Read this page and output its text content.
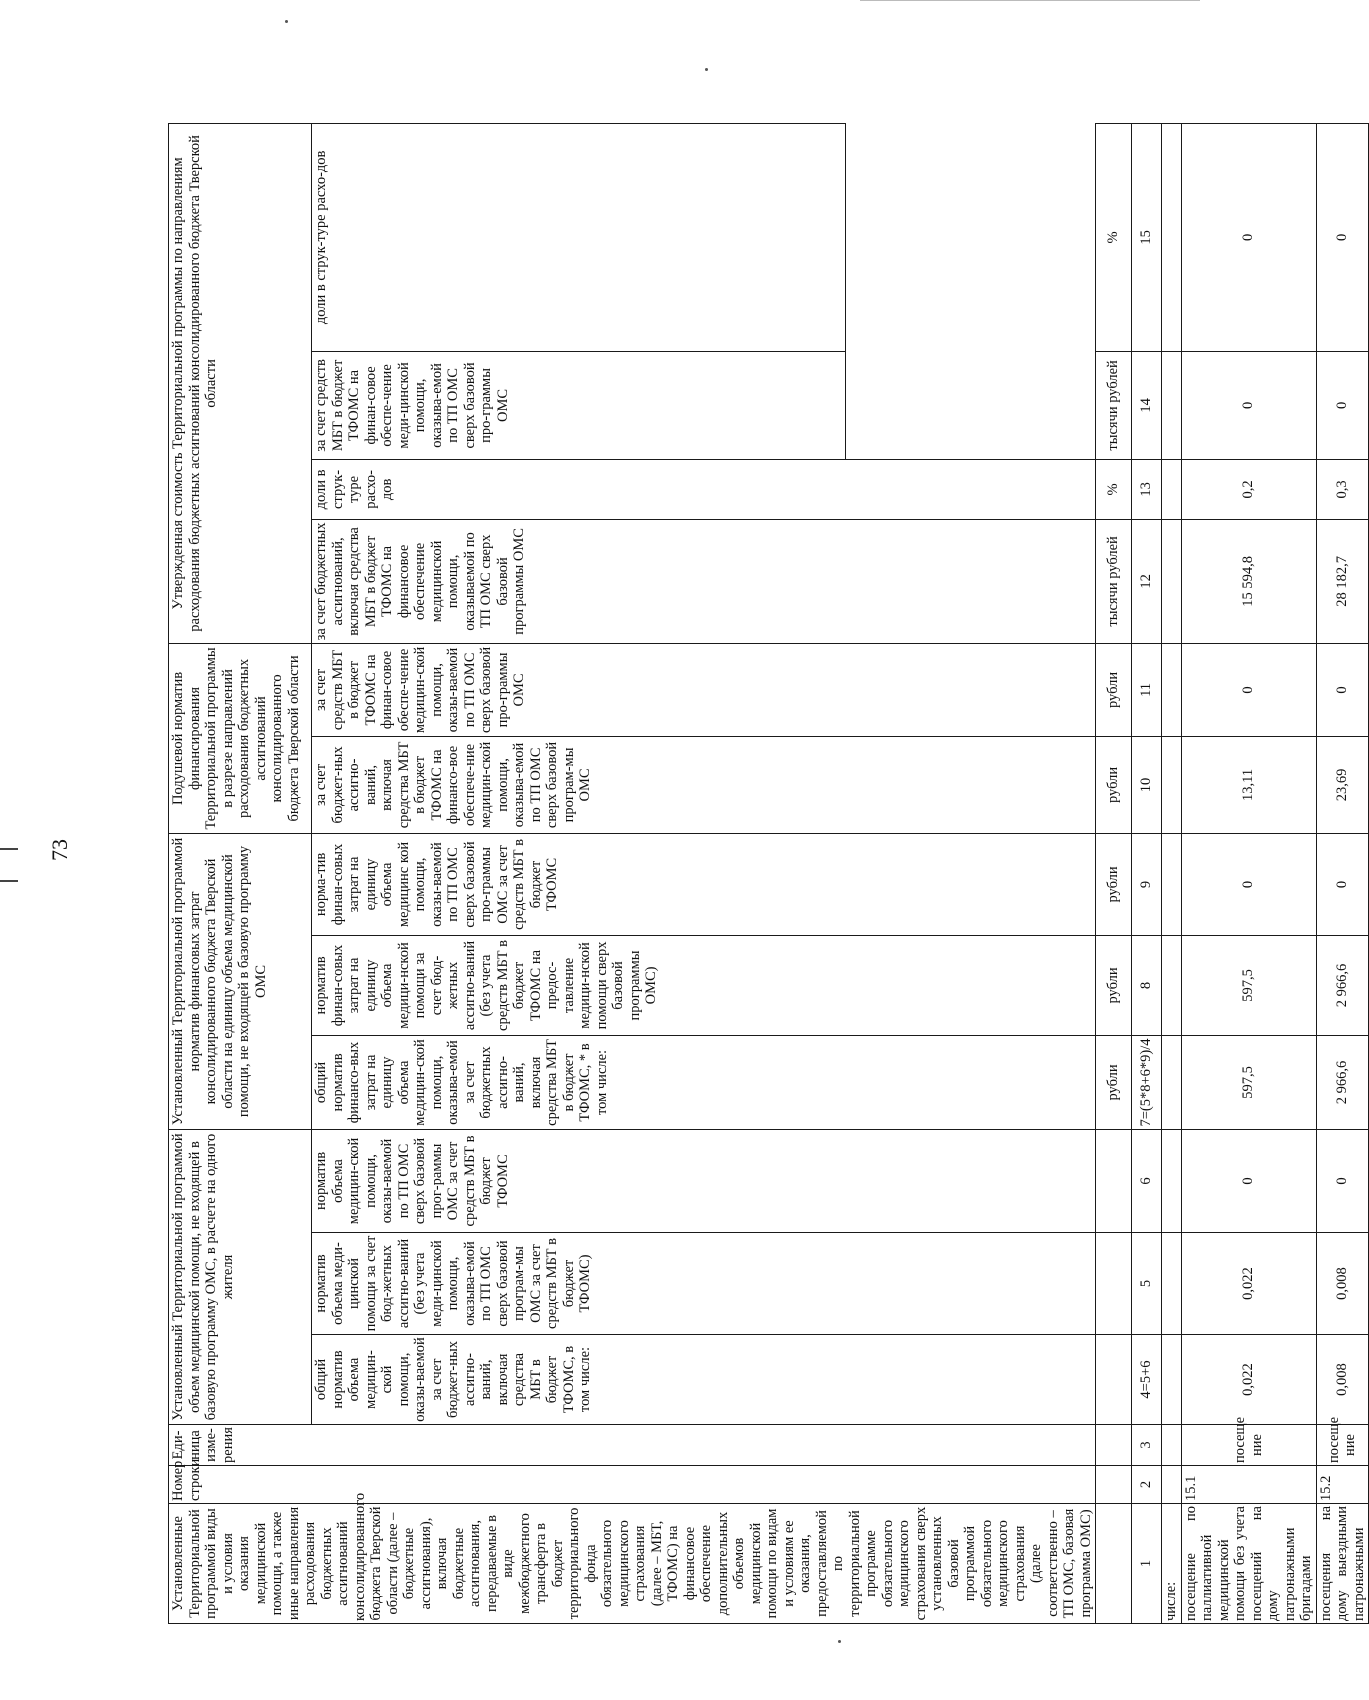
73
Установленные Территориальной программой виды и условия оказания медицинской помощи, а также иные направления расходования бюджетных ассигнований консолидированного бюджета Тверской области (далее – бюджетные ассигнования), включая бюджетные ассигнования, передаваемые в виде межбюджетного трансферта в бюджет территориального фонда обязательного медицинского страхования (далее – МБТ, ТФОМС) на финансовое обеспечение дополнительных объемов медицинской помощи по видам и условиям ее оказания, предоставляемой по территориальной программе обязательного медицинского страхования сверх установленных базовой программой обязательного медицинского страхования (далее соответственно – ТП ОМС, базовая программа ОМС)	Номер строки	Еди-ница изме-рения	Установленный Территориальной программой объем медицинской помощи, не входящей в базовую программу ОМС, в расчете на одного жителя			Установленный Территориальной программой норматив финансовых затрат консолидированного бюджета Тверской области на единицу объема медицинской помощи, не входящей в базовую программу ОМС			Подушевой норматив финансирования Территориальной программы в разрезе направлений расходования бюджетных ассигнований консолидированного бюджета Тверской области		Утвержденная стоимость Территориальной программы по направлениям расходования бюджетных ассигнований консолидированного бюджета Тверской области			
			общий норматив объема медицин-ской помощи, оказы-ваемой за счет бюджет-ных ассигно-ваний, включая средства МБТ в бюджет ТФОМС, в том числе:	норматив объема меди-цинской помощи за счет бюд-жетных ассигно-ваний (без учета меди-цинской помощи, оказыва-емой по ТП ОМС сверх базовой програм-мы ОМС за счет средств МБТ в бюджет ТФОМС)	норматив объема медицин-ской помощи, оказы-ваемой по ТП ОМС сверх базовой прог-раммы ОМС за счет средств МБТ в бюджет ТФОМС	общий норматив финансо-вых затрат на единицу объема медицин-ской помощи, оказыва-емой за счет бюджетных ассигно-ваний, включая средства МБТ в бюджет ТФОМС, * в том числе:	норматив финан-совых затрат на единицу объема медици-нской помощи за счет бюд-жетных ассигно-ваний (без учета средств МБТ в бюджет ТФОМС на предос-тавление медици-нской помощи сверх базовой программы ОМС)	норма-тив финан-совых затрат на единицу объема медицинс кой помощи, оказы-ваемой по ТП ОМС сверх базовой про-граммы ОМС за счет средств МБТ в бюджет ТФОМС	за счет бюджет-ных ассигно-ваний, включая средства МБТ в бюджет ТФОМС на финансо-вое обеспече-ние медицин-ской помощи, оказыва-емой по ТП ОМС сверх базовой програм-мы ОМС	за счет средств МБТ в бюджет ТФОМС на финан-совое обеспе-чение медицин-ской помощи, оказы-ваемой по ТП ОМС сверх базовой про-граммы ОМС	за счет бюджетных ассигнований, включая средства МБТ в бюджет ТФОМС на финансовое обеспечение медицинской помощи, оказываемой по ТП ОМС сверх базовой программы ОМС	доли в струк-туре расхо-дов	за счет средств МБТ в бюджет ТФОМС на финан-совое обеспе-чение меди-цинской помощи, оказыва-емой по ТП ОМС сверх базовой про-граммы ОМС	доли в струк-туре расхо-дов

						рубли	рубли	рубли	рубли	рубли	тысячи рублей	%	тысячи рублей	%
1	2	3	4=5+6	5	6	7=(5*8+6*9)/4	8	9	10	11	12	13	14	15
числе:														
посещение по паллиативной медицинской помощи без учета посещений на дому патронажными бригадами	15.1	посеще ние	0,022	0,022	0	597,5	597,5	0	13,11	0	15 594,8	0,2	0	0
посещения на дому выездными патронажными	15.2	посеще ние	0,008	0,008	0	2 966,6	2 966,6	0	23,69	0	28 182,7	0,3	0	0
